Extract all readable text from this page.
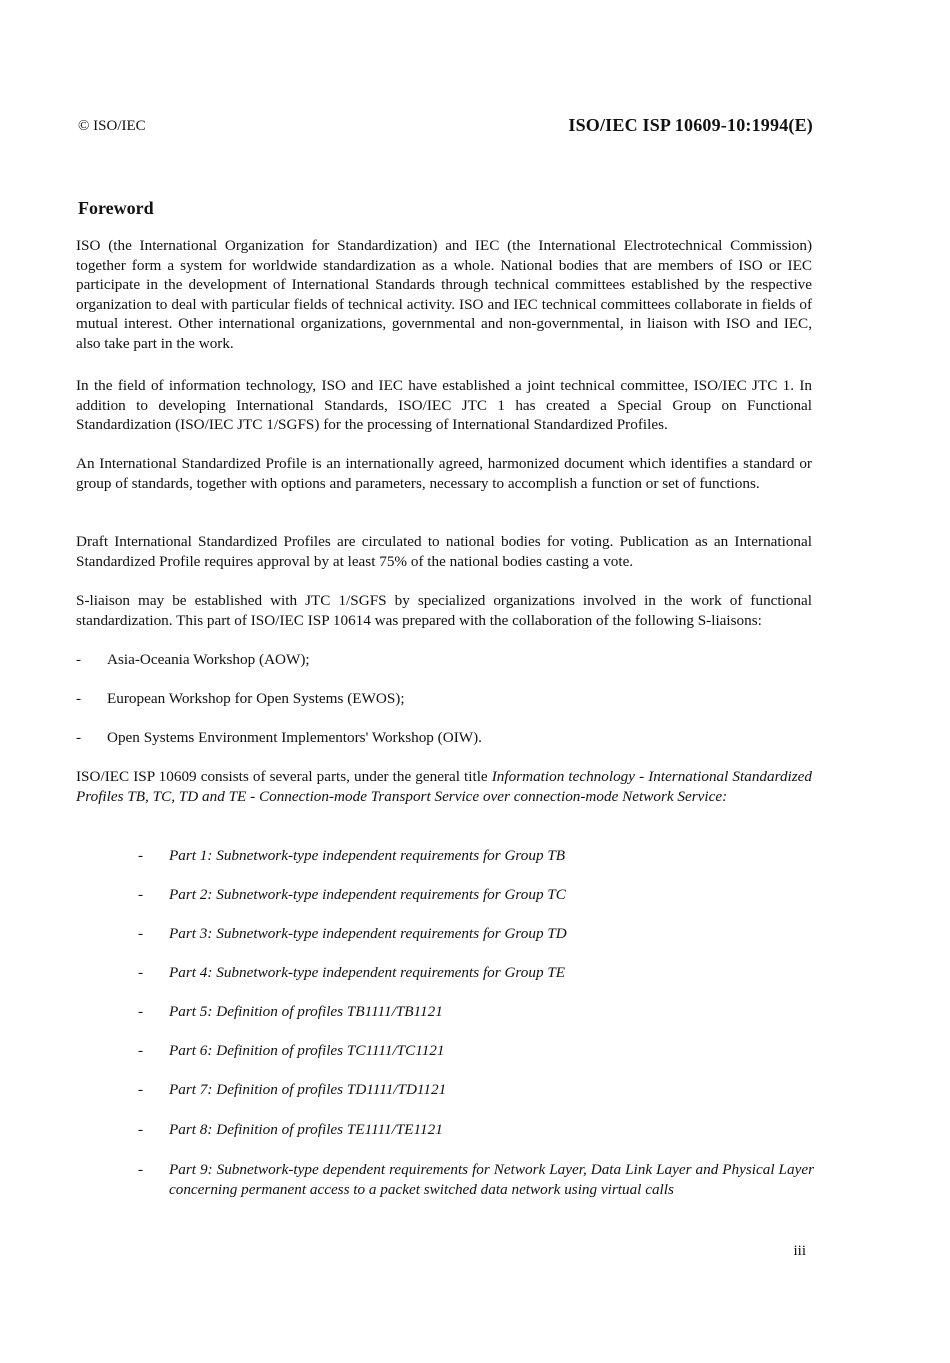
© ISO/IEC	ISO/IEC ISP 10609-10:1994(E)
Foreword

ISO (the International Organization for Standardization) and IEC (the International Electrotechnical Commission) together form a system for worldwide standardization as a whole. National bodies that are members of ISO or IEC participate in the development of International Standards through technical committees established by the respective organization to deal with particular fields of technical activity. ISO and IEC technical committees collaborate in fields of mutual interest. Other international organizations, governmental and non-governmental, in liaison with ISO and IEC, also take part in the work.

In the field of information technology, ISO and IEC have established a joint technical committee, ISO/IEC JTC 1. In addition to developing International Standards, ISO/IEC JTC 1 has created a Special Group on Functional Standardization (ISO/IEC JTC 1/SGFS) for the processing of International Standardized Profiles.

An International Standardized Profile is an internationally agreed, harmonized document which identifies a standard or group of standards, together with options and parameters, necessary to accomplish a function or set of functions.

Draft International Standardized Profiles are circulated to national bodies for voting. Publication as an International Standardized Profile requires approval by at least 75% of the national bodies casting a vote.

S-liaison may be established with JTC 1/SGFS by specialized organizations involved in the work of functional standardization. This part of ISO/IEC ISP 10614 was prepared with the collaboration of the following S-liaisons:

- Asia-Oceania Workshop (AOW);
- European Workshop for Open Systems (EWOS);
- Open Systems Environment Implementors' Workshop (OIW).

ISO/IEC ISP 10609 consists of several parts, under the general title Information technology - International Standardized Profiles TB, TC, TD and TE - Connection-mode Transport Service over connection-mode Network Service:

- Part 1: Subnetwork-type independent requirements for Group TB
- Part 2: Subnetwork-type independent requirements for Group TC
- Part 3: Subnetwork-type independent requirements for Group TD
- Part 4: Subnetwork-type independent requirements for Group TE
- Part 5: Definition of profiles TB1111/TB1121
- Part 6: Definition of profiles TC1111/TC1121
- Part 7: Definition of profiles TD1111/TD1121
- Part 8: Definition of profiles TE1111/TE1121
- Part 9: Subnetwork-type dependent requirements for Network Layer, Data Link Layer and Physical Layer concerning permanent access to a packet switched data network using virtual calls
iii
